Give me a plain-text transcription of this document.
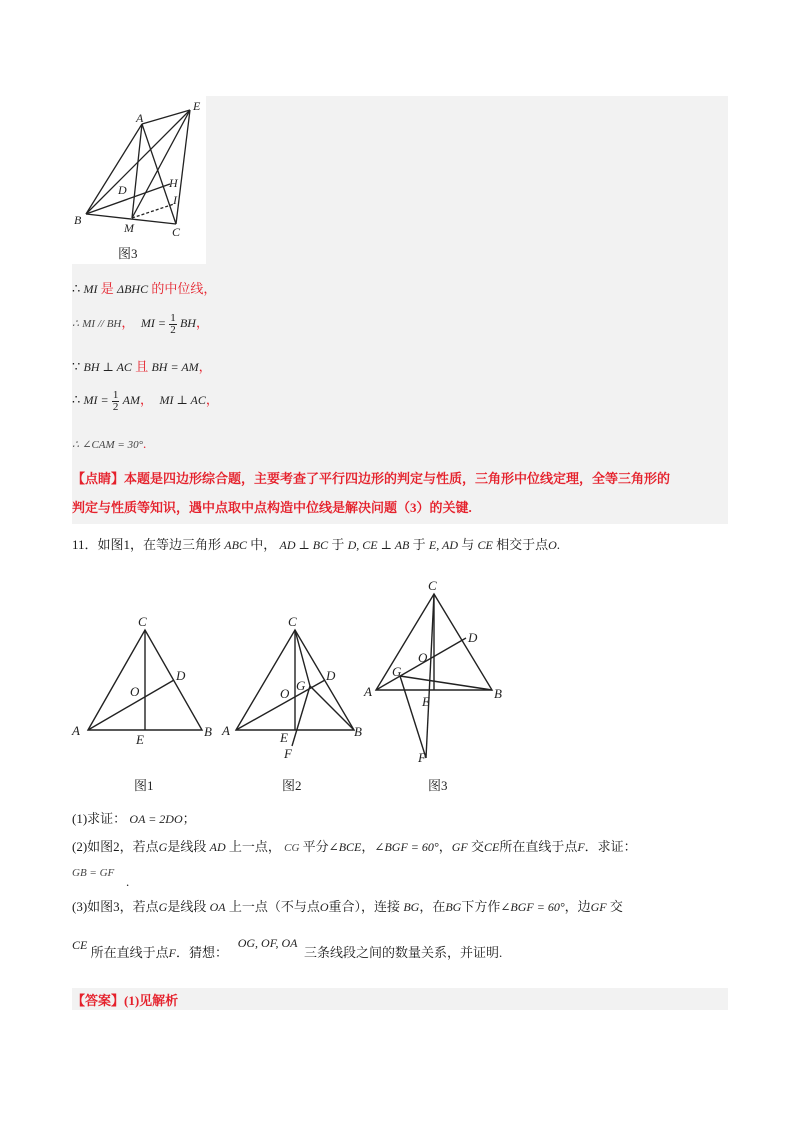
A
E
H
D
I
B
M	C
图3
∴ MI 是 ΔBHC 的中位线，
∴ MI // BH， MI = $\frac{1}{2}$ BH，
∵ BH ⊥ AC 且 BH = AM，
∴ MI = $\frac{1}{2}$ AM， MI ⊥ AC，
∴ ∠CAM = 30°.
【点睛】本题是四边形综合题，主要考查了平行四边形的判定与性质，三角形中位线定理，全等三角形的
判定与性质等知识，遇中点取中点构造中位线是解决问题（3）的关键.
11．如图1，在等边三角形 ABC 中， AD ⊥ BC 于 D, CE ⊥ AB 于 E, AD 与 CE 相交于点O.
C
D
O
A
E
B
图1
C
D
G
O
A	E
F
B
图2
C
D
O
G
A
E
B
F
图3
(1)求证： OA = 2DO；
(2)如图2，若点G是线段 AD 上一点， CG 平分∠BCE，∠BGF = 60°，GF 交CE所在直线于点F．求证：
GB = GF
.
(3)如图3，若点G是线段 OA 上一点（不与点O重合），连接 BG，在BG下方作∠BGF = 60°，边GF 交
CE 所在直线于点F．猜想：   OG, OF, OA  三条线段之间的数量关系，并证明.
【答案】(1)见解析
